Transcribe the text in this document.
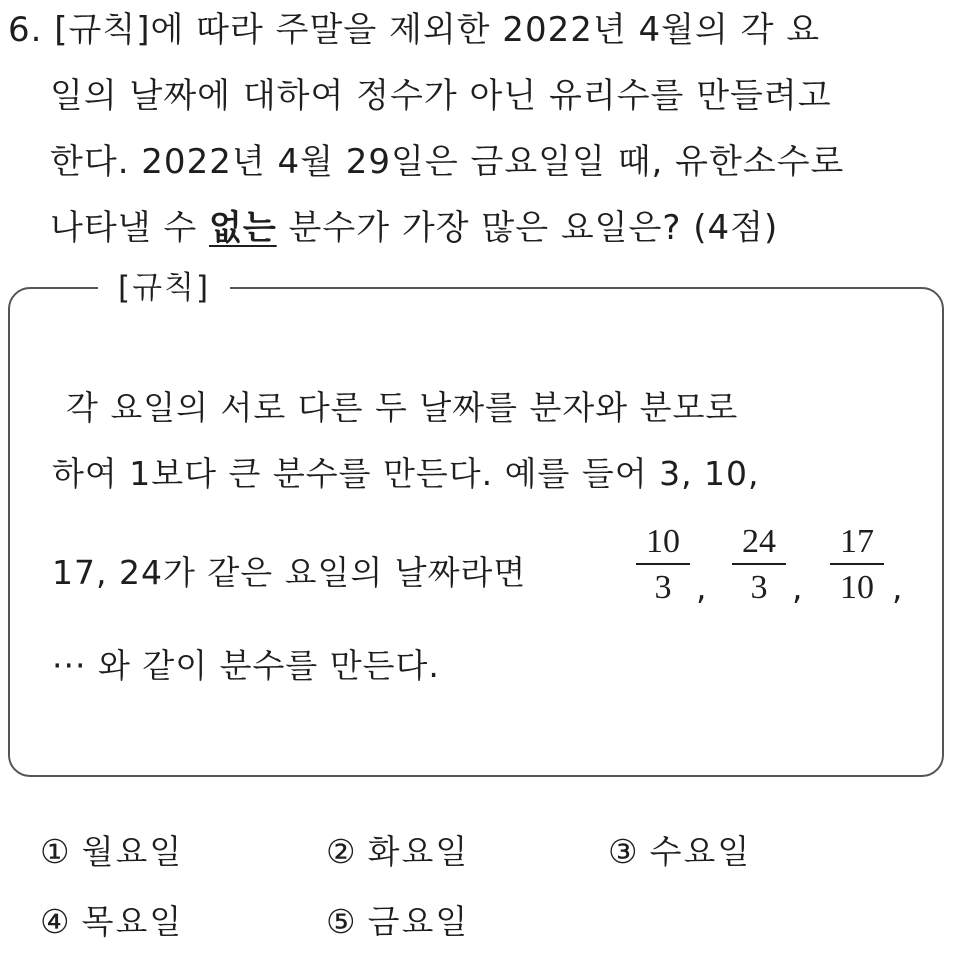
6. [규칙]에 따라 주말을 제외한 2022년 4월의 각 요
일의 날짜에 대하여 정수가 아닌 유리수를 만들려고
한다. 2022년 4월 29일은 금요일일 때, 유한소수로
나타낼 수 없는 분수가 가장 많은 요일은? (4점)
[규칙]
각 요일의 서로 다른 두 날짜를 분자와 분모로
하여 1보다 큰 분수를 만든다. 예를 들어 3, 10,
17, 24가 같은 요일의 날짜라면
10
3 ,
24
3 ,
17
10 ,
··· 와 같이 분수를 만든다.
① 월요일	② 화요일	③ 수요일
④ 목요일	⑤ 금요일
